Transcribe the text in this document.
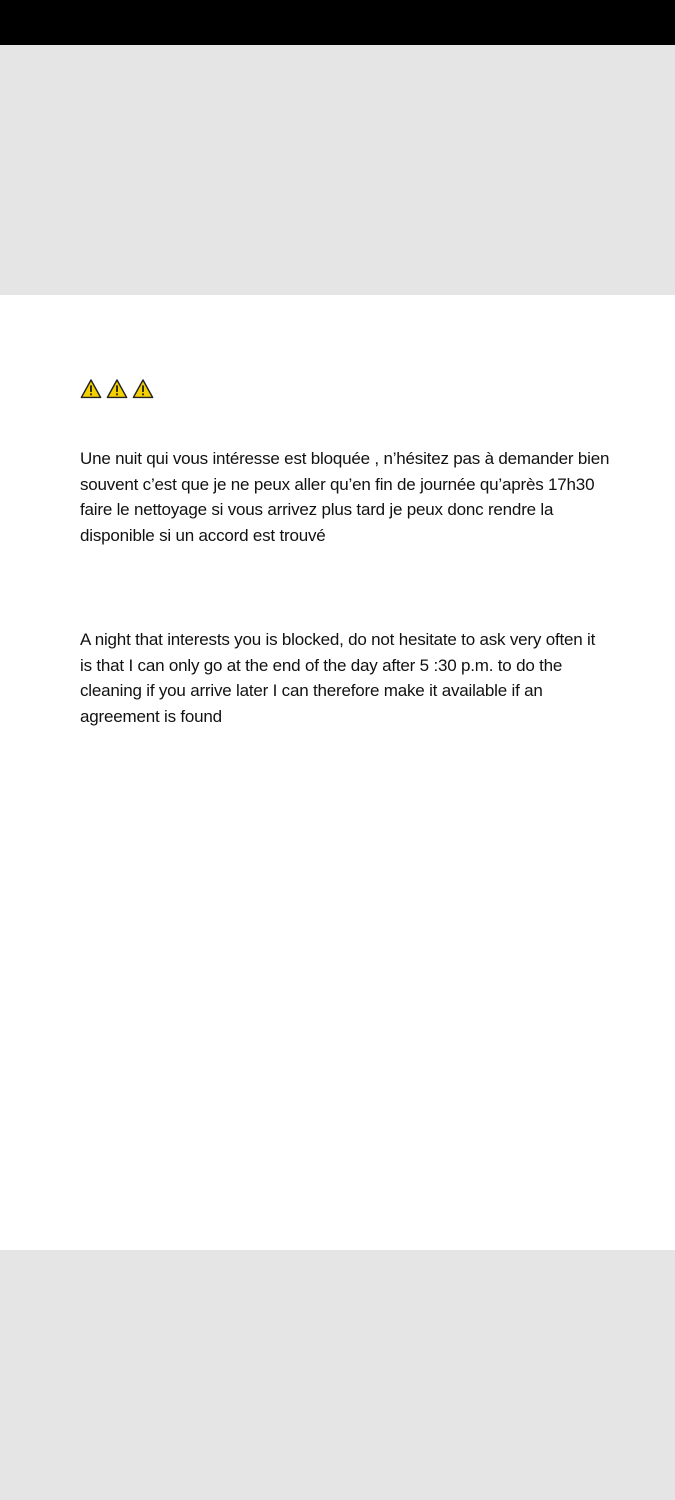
Une nuit qui vous intéresse est bloquée , n’hésitez pas à demander bien souvent c’est que je ne peux aller qu’en fin de journée qu’après 17h30 faire le nettoyage si vous arrivez plus tard je peux donc rendre la disponible si un accord est trouvé

A night that interests you is blocked, do not hesitate to ask very often it is that I can only go at the end of the day after 5 :30 p.m. to do the cleaning if you arrive later I can therefore make it available if an agreement is found
